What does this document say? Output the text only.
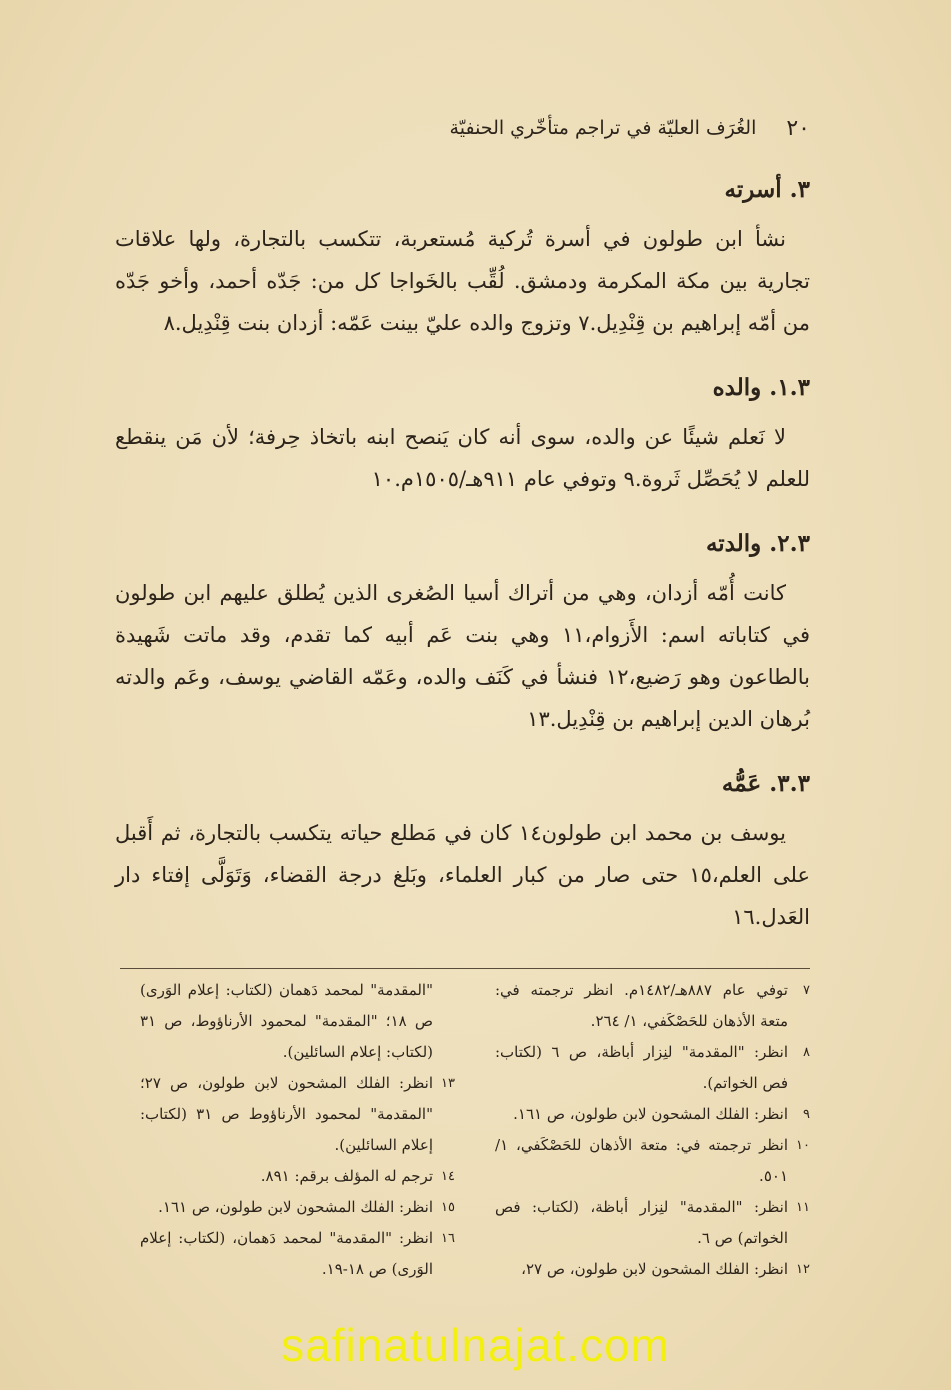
٢٠
الغُرَف العليّة في تراجم متأخّري الحنفيّة
٣. أسرته

نشأ ابن طولون في أسرة تُركية مُستعربة، تتكسب بالتجارة، ولها علاقات تجارية بين مكة المكرمة ودمشق. لُقِّب بالخَواجا كل من: جَدّه أحمد، وأخو جَدّه من أمّه إبراهيم بن قِنْدِيل.٧ وتزوج والده عليّ بينت عَمّه: أزدان بنت قِنْدِيل.٨

١.٣. والده

لا نَعلم شيئًا عن والده، سوى أنه كان يَنصح ابنه باتخاذ حِرفة؛ لأن مَن ينقطع للعلم لا يُحَصِّل ثَروة.٩ وتوفي عام ٩١١هـ/١٥٠٥م.١٠

٢.٣. والدته

كانت أُمّه أزدان، وهي من أتراك أسيا الصُغرى الذين يُطلق عليهم ابن طولون في كتاباته اسم: الأَزوام،١١ وهي بنت عَم أبيه كما تقدم، وقد ماتت شَهيدة بالطاعون وهو رَضيع،١٢ فنشأ في كَنَف والده، وعَمّه القاضي يوسف، وعَم والدته بُرهان الدين إبراهيم بن قِنْدِيل.١٣

٣.٣. عَمُّه

يوسف بن محمد ابن طولون١٤ كان في مَطلع حياته يتكسب بالتجارة، ثم أَقبل على العلم،١٥ حتى صار من كبار العلماء، وبَلغ درجة القضاء، وَتَوَلَّى إفتاء دار العَدل.١٦

٧
توفي عام ٨٨٧هـ/١٤٨٢م. انظر ترجمته في: متعة الأذهان للحَصْكَفي، ١/ ٢٦٤.
٨
انظر: "المقدمة" لنِزار أباظة، ص ٦ (لكتاب: فص الخواتم).
٩
انظر: الفلك المشحون لابن طولون، ص ١٦١.
١٠
انظر ترجمته في: متعة الأذهان للحَصْكَفي، ١/ ٥٠١.
١١
انظر: "المقدمة" لنِزار أباظة، (لكتاب: فص الخواتم) ص ٦.
١٢
انظر: الفلك المشحون لابن طولون، ص ٢٧،
"المقدمة" لمحمد دَهمان (لكتاب: إعلام الوَرى) ص ١٨؛ "المقدمة" لمحمود الأرناؤوط، ص ٣١ (لكتاب: إعلام السائلين).
١٣
انظر: الفلك المشحون لابن طولون، ص ٢٧؛ "المقدمة" لمحمود الأرناؤوط ص ٣١ (لكتاب: إعلام السائلين).
١٤
ترجم له المؤلف برقم: ٨٩١.
١٥
انظر: الفلك المشحون لابن طولون، ص ١٦١.
١٦
انظر: "المقدمة" لمحمد دَهمان، (لكتاب: إعلام الوَرى) ص ١٨-١٩.
safinatulnajat.com
